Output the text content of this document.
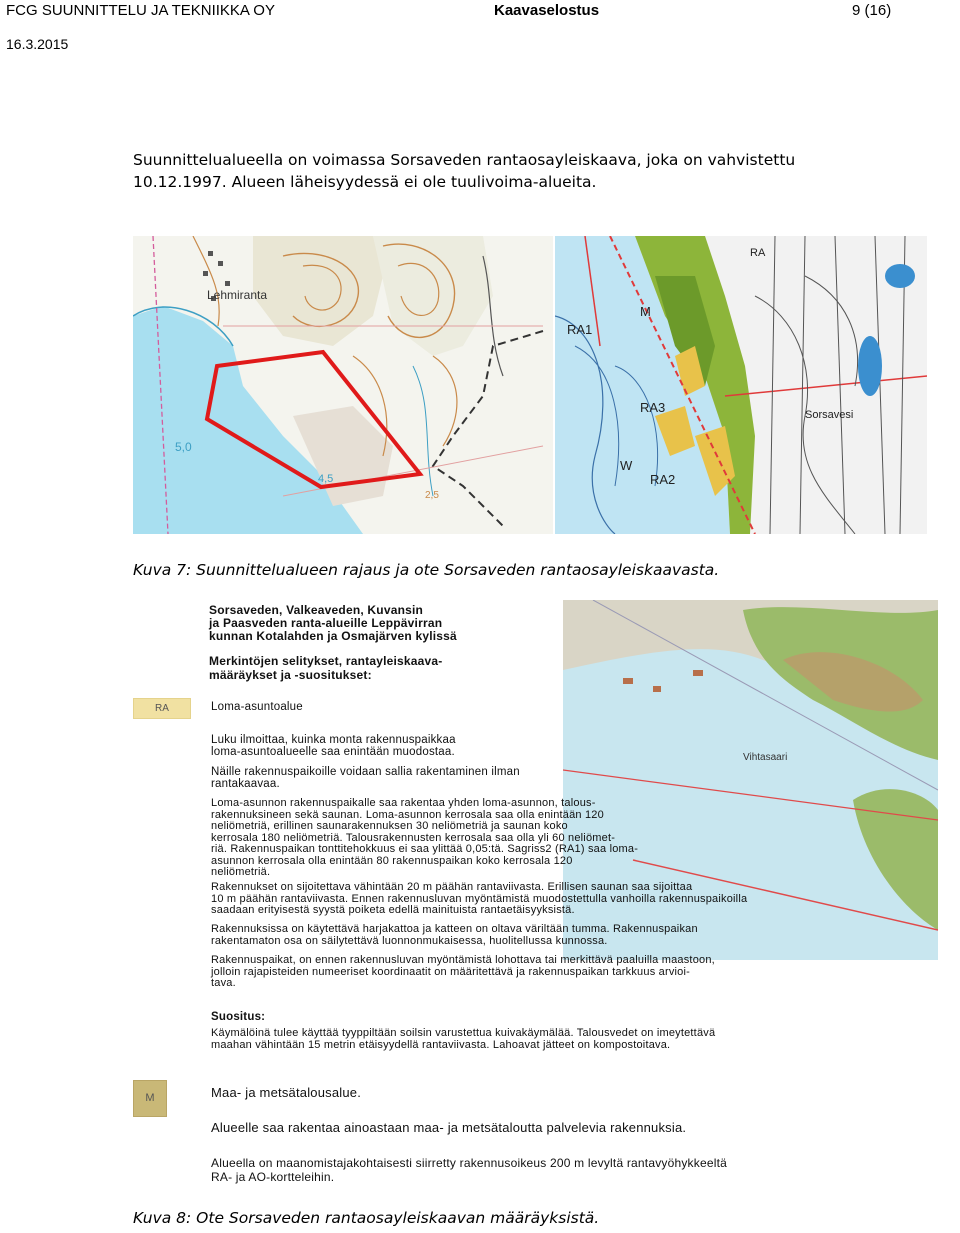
FCG SUUNNITTELU JA TEKNIIKKA OY	Kaavaselostus	9 (16)
16.3.2015
Suunnittelualueella on voimassa Sorsaveden rantaosayleiskaava, joka on vahvistettu
10.12.1997. Alueen läheisyydessä ei ole tuulivoima-alueita.
Lehmiranta
5,0
4,5
2,5
RA1
RA3
RA2
M
W
RA
Sorsavesi
Kuva 7: Suunnittelualueen rajaus ja ote Sorsaveden rantaosayleiskaavasta.
Vihtasaari
Sorsaveden, Valkeaveden, Kuvansin
ja Paasveden ranta-alueille Leppävirran
kunnan Kotalahden ja Osmajärven kylissä
Merkintöjen selitykset, rantayleiskaava-
määräykset ja -suositukset:
RA	Loma-asuntoalue
Luku ilmoittaa, kuinka monta rakennuspaikkaa
loma-asuntoalueelle saa enintään muodostaa.
Näille rakennuspaikoille voidaan sallia rakentaminen ilman
rantakaavaa.
Loma-asunnon rakennuspaikalle saa rakentaa yhden loma-asunnon, talous-
rakennuksineen sekä saunan. Loma-asunnon kerrosala saa olla enintään 120
neliömetriä, erillinen saunarakennuksen 30 neliömetriä ja saunan koko
kerrosala 180 neliömetriä. Talousrakennusten kerrosala saa olla yli 60 neliömet-
riä. Rakennuspaikan tonttitehokkuus ei saa ylittää 0,05:tä. Sagriss2 (RA1) saa loma-
asunnon kerrosala olla enintään 80 rakennuspaikan koko kerrosala 120
neliömetriä.
Rakennukset on sijoitettava vähintään 20 m päähän rantaviivasta. Erillisen saunan saa sijoittaa
10 m päähän rantaviivasta. Ennen rakennusluvan myöntämistä muodostettulla vanhoilla rakennuspaikoilla
saadaan erityisestä syystä poiketa edellä mainituista rantaetäisyyksistä.
Rakennuksissa on käytettävä harjakattoa ja katteen on oltava väriltään tumma. Rakennuspaikan
rakentamaton osa on säilytettävä luonnonmukaisessa, huolitellussa kunnossa.
Rakennuspaikat, on ennen rakennusluvan myöntämistä lohottava tai merkittävä paaluilla maastoon,
jolloin rajapisteiden numeeriset koordinaatit on määritettävä ja rakennuspaikan tarkkuus arvioi-
tava.
Suositus:
Käymälöinä tulee käyttää tyyppiltään soilsin varustettua kuivakäymälää. Talousvedet on imeytettävä
maahan vähintään 15 metrin etäisyydellä rantaviivasta. Lahoavat jätteet on kompostoitava.
M	Maa- ja metsätalousalue.
Alueelle saa rakentaa ainoastaan maa- ja metsätaloutta palvelevia rakennuksia.
Alueella on maanomistajakohtaisesti siirretty rakennusoikeus 200 m levyltä rantavyöhykkeeltä
RA- ja AO-kortteleihin.
Kuva 8: Ote Sorsaveden rantaosayleiskaavan määräyksistä.
